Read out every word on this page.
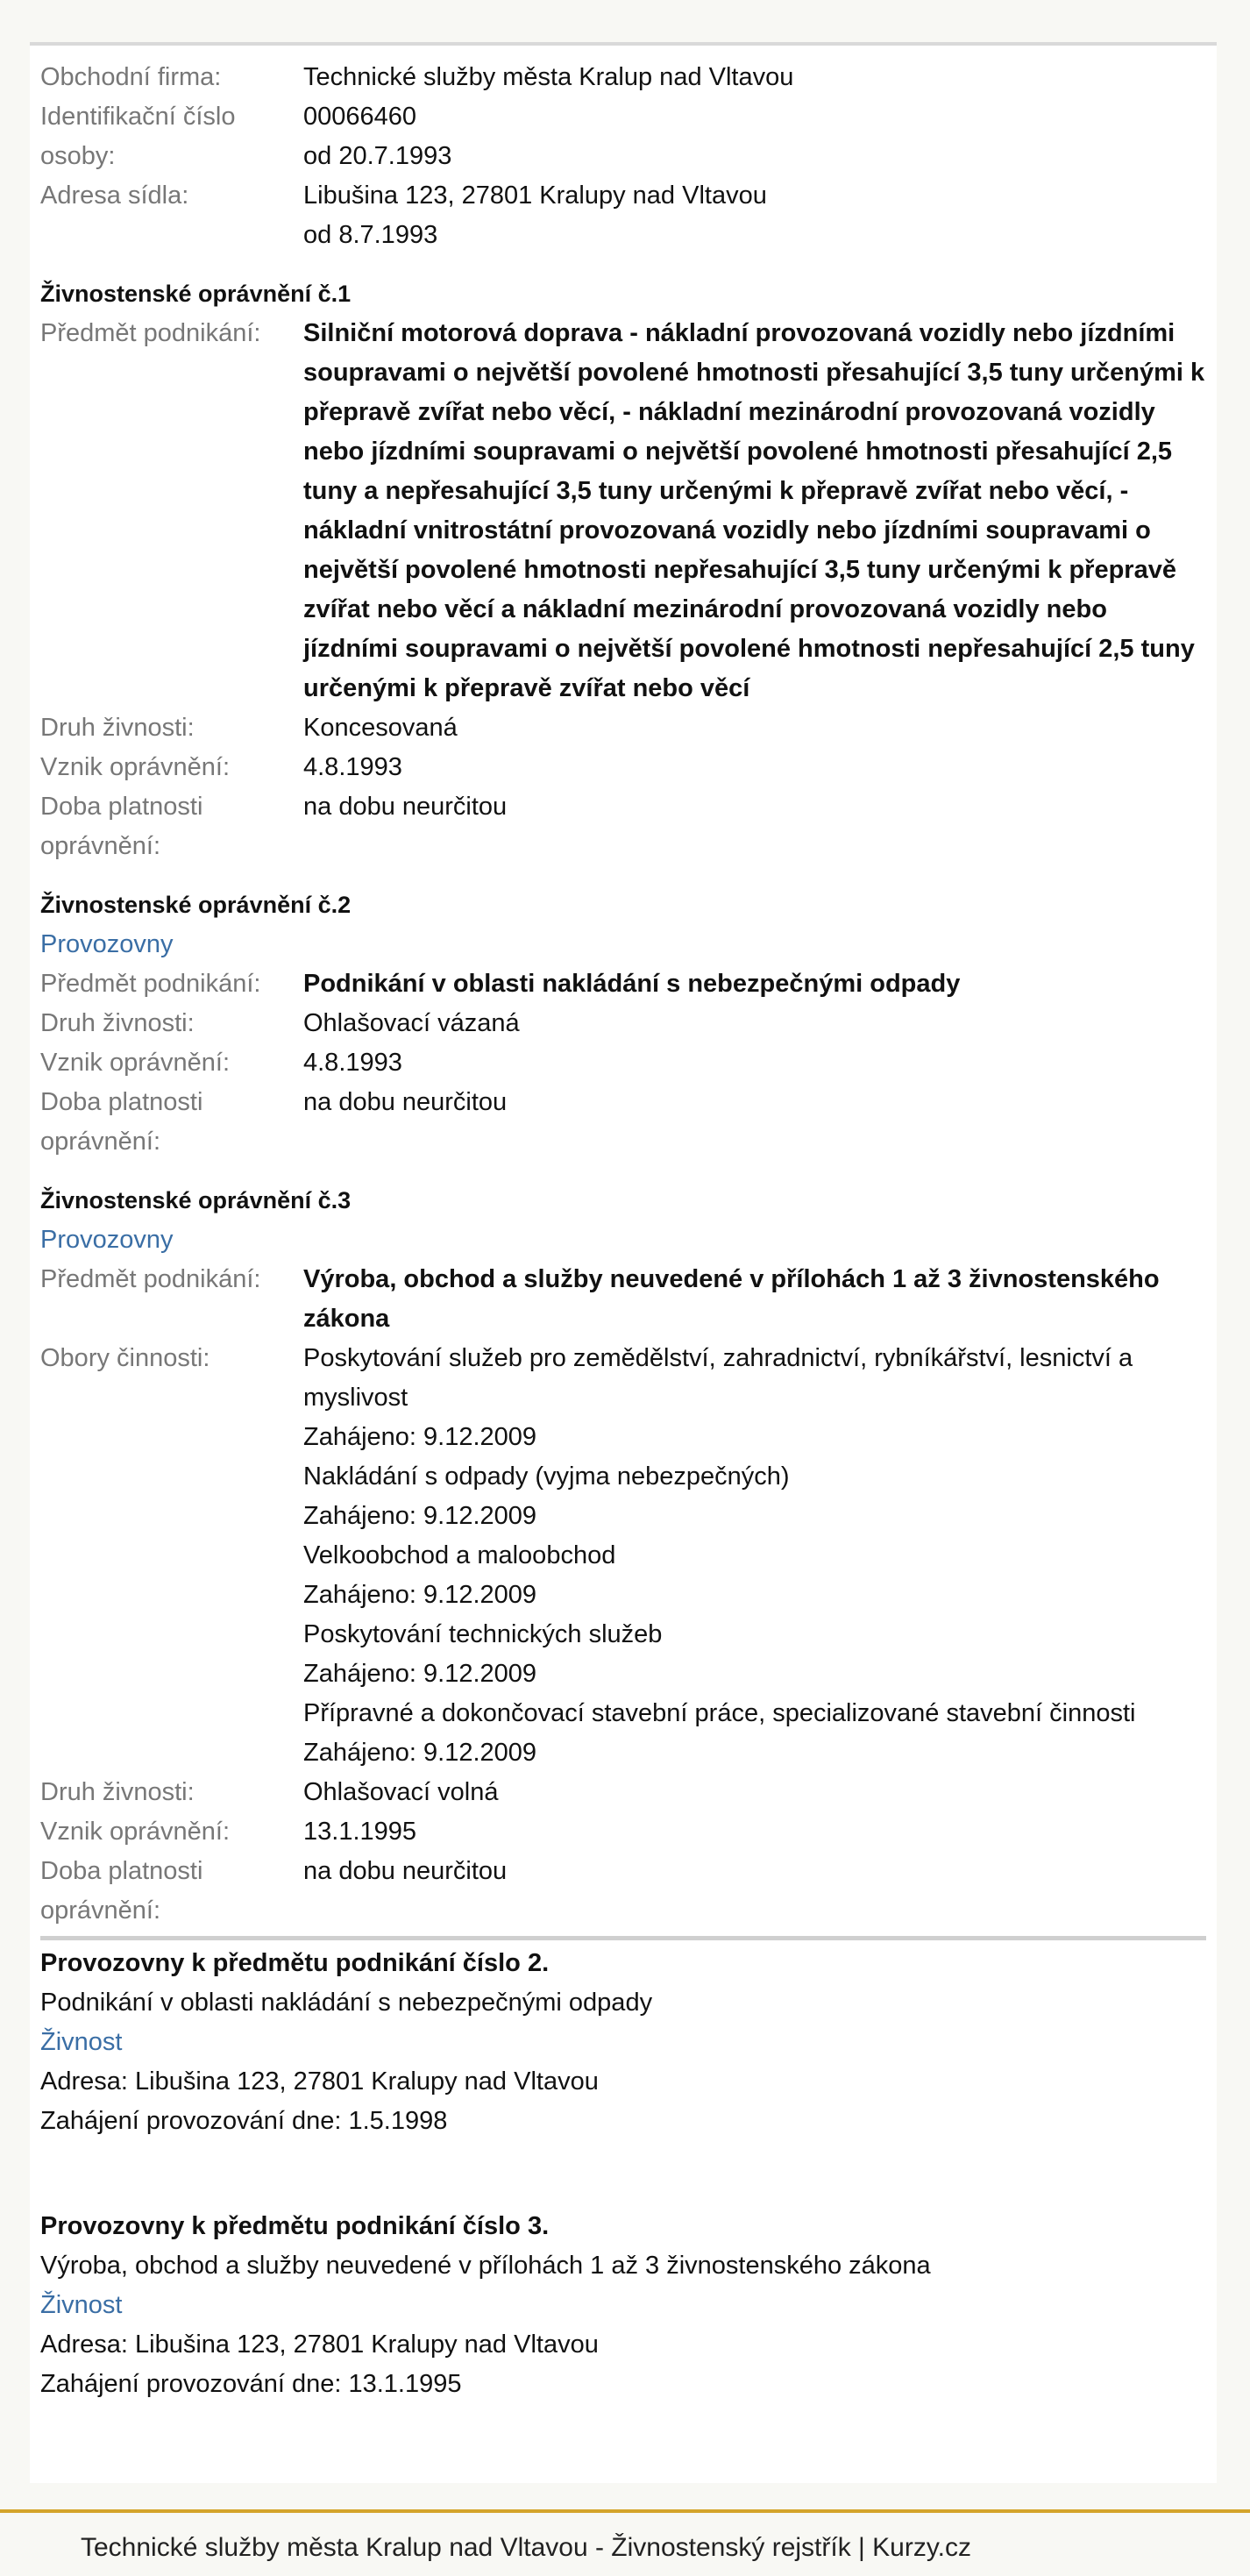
Obchodní firma:	Technické služby města Kralup nad Vltavou
Identifikační číslo
osoby:
00066460
od 20.7.1993
Adresa sídla:	Libušina 123, 27801 Kralupy nad Vltavou
od 8.7.1993
Živnostenské oprávnění č.1
Předmět podnikání:	Silniční motorová doprava - nákladní provozovaná vozidly nebo jízdními soupravami o největší povolené hmotnosti přesahující 3,5 tuny určenými k přepravě zvířat nebo věcí, - nákladní mezinárodní provozovaná vozidly nebo jízdními soupravami o největší povolené hmotnosti přesahující 2,5 tuny a nepřesahující 3,5 tuny určenými k přepravě zvířat nebo věcí, - nákladní vnitrostátní provozovaná vozidly nebo jízdními soupravami o největší povolené hmotnosti nepřesahující 3,5 tuny určenými k přepravě zvířat nebo věcí a nákladní mezinárodní provozovaná vozidly nebo jízdními soupravami o největší povolené hmotnosti nepřesahující 2,5 tuny určenými k přepravě zvířat nebo věcí
Druh živnosti:	Koncesovaná
Vznik oprávnění:	4.8.1993
Doba platnosti oprávnění:
na dobu neurčitou
Živnostenské oprávnění č.2
Provozovny
Předmět podnikání:	Podnikání v oblasti nakládání s nebezpečnými odpady
Druh živnosti:	Ohlašovací vázaná
Vznik oprávnění:	4.8.1993
Doba platnosti oprávnění:
na dobu neurčitou
Živnostenské oprávnění č.3
Provozovny
Předmět podnikání:	Výroba, obchod a služby neuvedené v přílohách 1 až 3 živnostenského zákona
Obory činnosti:	Poskytování služeb pro zemědělství, zahradnictví, rybníkářství, lesnictví a myslivost
Zahájeno: 9.12.2009
Nakládání s odpady (vyjma nebezpečných)
Zahájeno: 9.12.2009
Velkoobchod a maloobchod
Zahájeno: 9.12.2009
Poskytování technických služeb
Zahájeno: 9.12.2009
Přípravné a dokončovací stavební práce, specializované stavební činnosti
Zahájeno: 9.12.2009
Druh živnosti:	Ohlašovací volná
Vznik oprávnění:	13.1.1995
Doba platnosti oprávnění:
na dobu neurčitou
Provozovny k předmětu podnikání číslo 2.
Podnikání v oblasti nakládání s nebezpečnými odpady
Živnost
Adresa: Libušina 123, 27801 Kralupy nad Vltavou
Zahájení provozování dne: 1.5.1998
Provozovny k předmětu podnikání číslo 3.
Výroba, obchod a služby neuvedené v přílohách 1 až 3 živnostenského zákona
Živnost
Adresa: Libušina 123, 27801 Kralupy nad Vltavou
Zahájení provozování dne: 13.1.1995
Technické služby města Kralup nad Vltavou - Živnostenský rejstřík | Kurzy.cz
